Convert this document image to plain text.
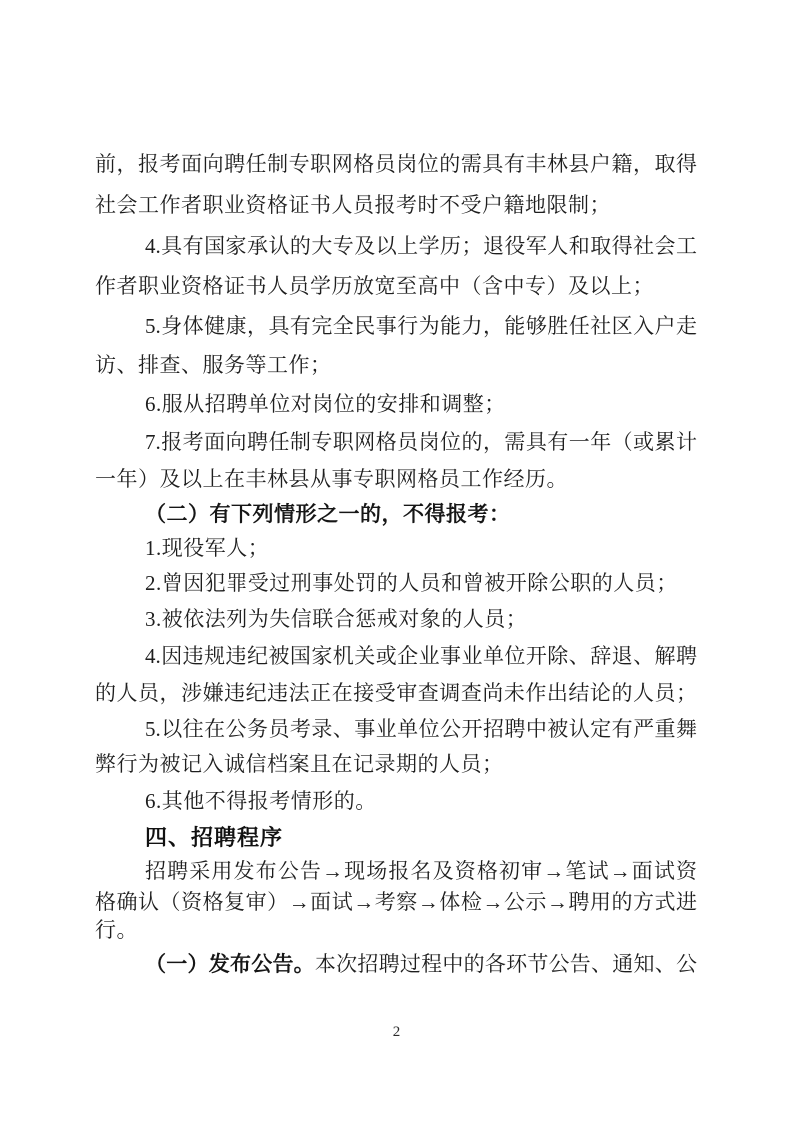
前，报考面向聘任制专职网格员岗位的需具有丰林县户籍，取得
社会工作者职业资格证书人员报考时不受户籍地限制；
4.具有国家承认的大专及以上学历；退役军人和取得社会工
作者职业资格证书人员学历放宽至高中（含中专）及以上；
5.身体健康，具有完全民事行为能力，能够胜任社区入户走
访、排查、服务等工作；
6.服从招聘单位对岗位的安排和调整；
7.报考面向聘任制专职网格员岗位的，需具有一年（或累计
一年）及以上在丰林县从事专职网格员工作经历。
（二）有下列情形之一的，不得报考：
1.现役军人；
2.曾因犯罪受过刑事处罚的人员和曾被开除公职的人员；
3.被依法列为失信联合惩戒对象的人员；
4.因违规违纪被国家机关或企业事业单位开除、辞退、解聘
的人员，涉嫌违纪违法正在接受审查调查尚未作出结论的人员；
5.以往在公务员考录、事业单位公开招聘中被认定有严重舞
弊行为被记入诚信档案且在记录期的人员；
6.其他不得报考情形的。
四、招聘程序
招聘采用发布公告→现场报名及资格初审→笔试→面试资
格确认（资格复审）→面试→考察→体检→公示→聘用的方式进
行。
（一）发布公告。本次招聘过程中的各环节公告、通知、公
2
